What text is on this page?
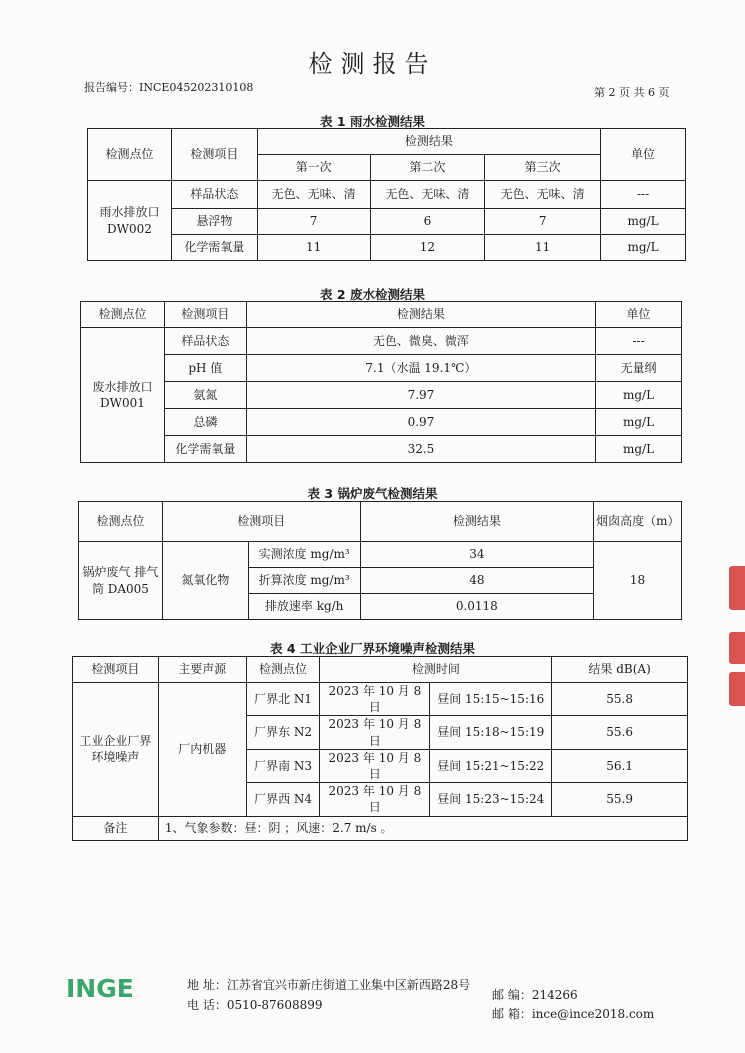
检测报告
报告编号：INCE045202310108	第 2 页 共 6 页
表 1 雨水检测结果
检测点位	检测项目	检测结果			单位
		第一次	第二次	第三次	
雨水排放口 DW002	样品状态	无色、无味、清	无色、无味、清	无色、无味、清	---
	悬浮物	7	6	7	mg/L
	化学需氧量	11	12	11	mg/L
表 2 废水检测结果
检测点位	检测项目	检测结果	单位
废水排放口 DW001	样品状态	无色、微臭、微浑	---
	pH 值	7.1（水温 19.1℃）	无量纲
	氨氮	7.97	mg/L
	总磷	0.97	mg/L
	化学需氧量	32.5	mg/L
表 3 锅炉废气检测结果
检测点位	检测项目		检测结果	烟囱高度（m）
锅炉废气 排气筒 DA005	氮氧化物	实测浓度 mg/m³	34	18
		折算浓度 mg/m³	48	
		排放速率 kg/h	0.0118	
表 4 工业企业厂界环境噪声检测结果
检测项目	主要声源	检测点位	检测时间		结果 dB(A)
工业企业厂界环境噪声	厂内机器	厂界北 N1	2023 年 10 月 8 日	昼间 15:15~15:16	55.8
		厂界东 N2	2023 年 10 月 8 日	昼间 15:18~15:19	55.6
		厂界南 N3	2023 年 10 月 8 日	昼间 15:21~15:22	56.1
		厂界西 N4	2023 年 10 月 8 日	昼间 15:23~15:24	55.9
备注	1、气象参数：昼：阴 ；风速：2.7 m/s 。				
INGE	地 址：江苏省宜兴市新庄街道工业集中区新西路28号
邮 编：214266
电 话：0510-87608899
邮 箱：ince@ince2018.com
